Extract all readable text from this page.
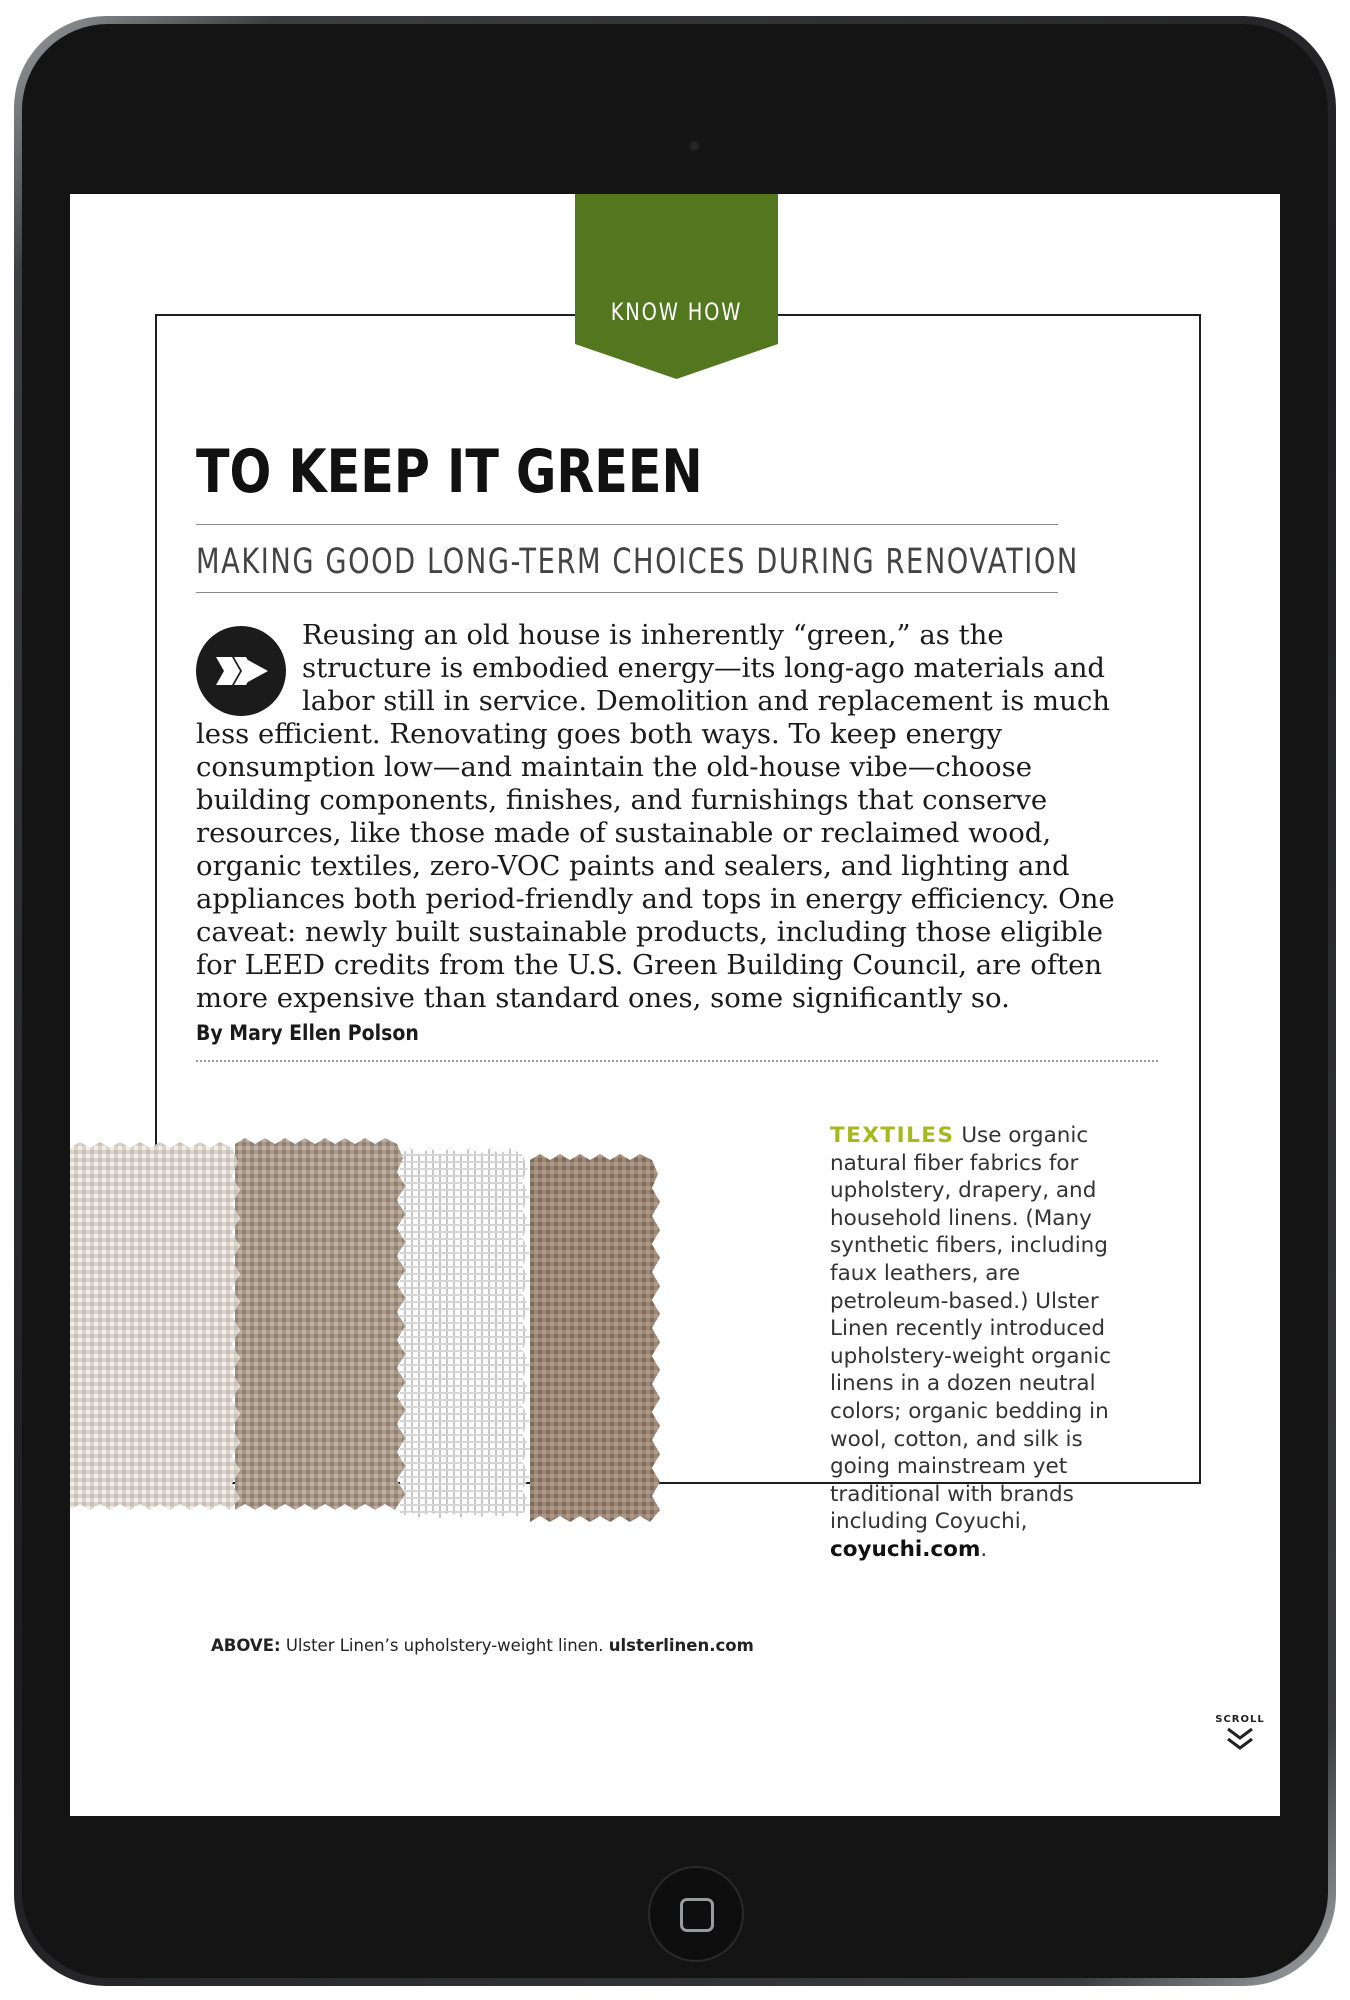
KNOW HOW
TO KEEP IT GREEN
MAKING GOOD LONG-TERM CHOICES DURING RENOVATION

Reusing an old house is inherently “green,” as the structure is embodied energy—its long-ago materials and labor still in service. Demolition and replacement is much less efficient. Renovating goes both ways. To keep energy consumption low—and maintain the old-house vibe—choose building components, finishes, and furnishings that conserve resources, like those made of sustainable or reclaimed wood, organic textiles, zero-VOC paints and sealers, and lighting and appliances both period-friendly and tops in energy efficiency. One caveat: newly built sustainable products, including those eligible for LEED credits from the U.S. Green Building Council, are often more expensive than standard ones, some significantly so. By Mary Ellen Polson

TEXTILES Use organic natural fiber fabrics for upholstery, drapery, and household linens. (Many synthetic fibers, including faux leathers, are petroleum-based.) Ulster Linen recently introduced upholstery-weight organic linens in a dozen neutral colors; organic bedding in wool, cotton, and silk is going mainstream yet traditional with brands including Coyuchi, coyuchi.com.

ABOVE: Ulster Linen’s upholstery-weight linen. ulsterlinen.com
SCROLL
